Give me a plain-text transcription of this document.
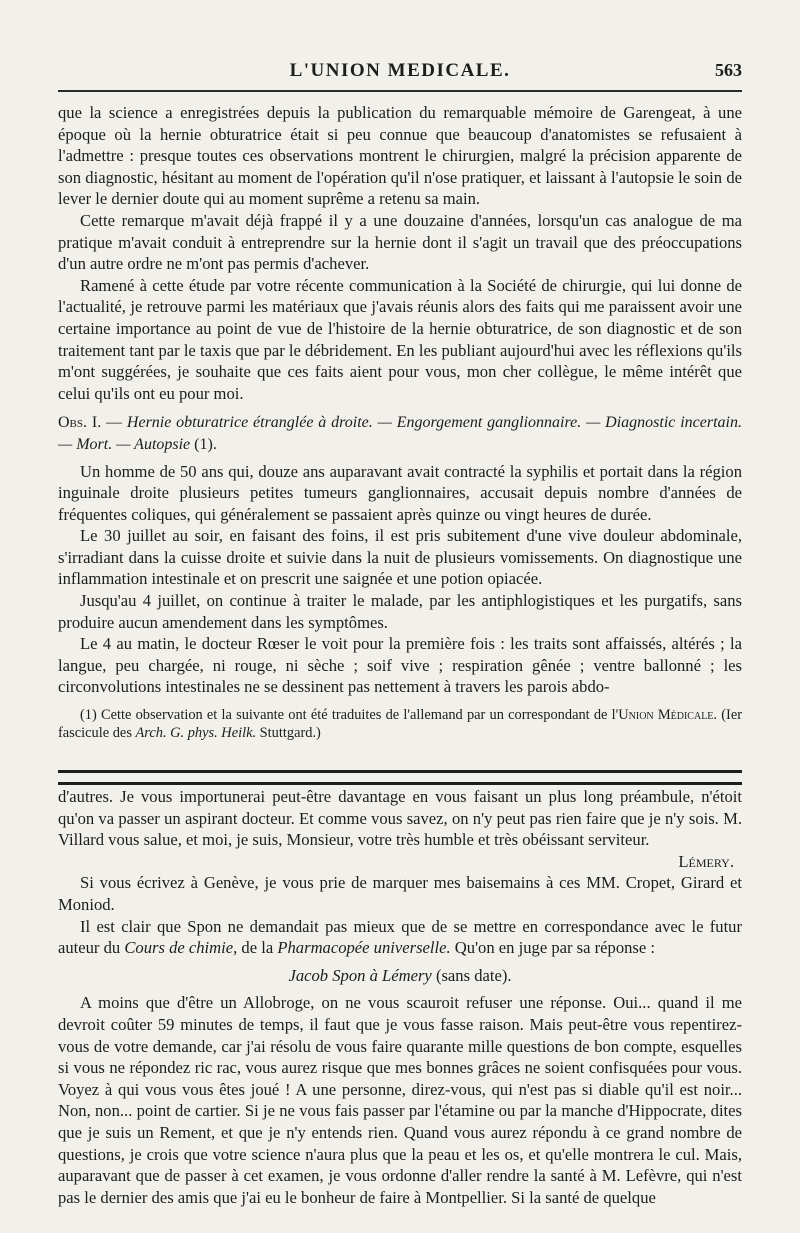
L'UNION MEDICALE.	563

que la science a enregistrées depuis la publication du remarquable mémoire de Garengeat, à une époque où la hernie obturatrice était si peu connue que beaucoup d'anatomistes se refusaient à l'admettre : presque toutes ces observations montrent le chirurgien, malgré la précision apparente de son diagnostic, hésitant au moment de l'opération qu'il n'ose pratiquer, et laissant à l'autopsie le soin de lever le dernier doute qui au moment suprême a retenu sa main.

Cette remarque m'avait déjà frappé il y a une douzaine d'années, lorsqu'un cas analogue de ma pratique m'avait conduit à entreprendre sur la hernie dont il s'agit un travail que des préoccupations d'un autre ordre ne m'ont pas permis d'achever.

Ramené à cette étude par votre récente communication à la Société de chirurgie, qui lui donne de l'actualité, je retrouve parmi les matériaux que j'avais réunis alors des faits qui me paraissent avoir une certaine importance au point de vue de l'histoire de la hernie obturatrice, de son diagnostic et de son traitement tant par le taxis que par le débridement. En les publiant aujourd'hui avec les réflexions qu'ils m'ont suggérées, je souhaite que ces faits aient pour vous, mon cher collègue, le même intérêt que celui qu'ils ont eu pour moi.

Obs. I. — Hernie obturatrice étranglée à droite. — Engorgement ganglionnaire. — Diagnostic incertain. — Mort. — Autopsie (1).

Un homme de 50 ans qui, douze ans auparavant avait contracté la syphilis et portait dans la région inguinale droite plusieurs petites tumeurs ganglionnaires, accusait depuis nombre d'années de fréquentes coliques, qui généralement se passaient après quinze ou vingt heures de durée.

Le 30 juillet au soir, en faisant des foins, il est pris subitement d'une vive douleur abdominale, s'irradiant dans la cuisse droite et suivie dans la nuit de plusieurs vomissements. On diagnostique une inflammation intestinale et on prescrit une saignée et une potion opiacée.

Jusqu'au 4 juillet, on continue à traiter le malade, par les antiphlogistiques et les purgatifs, sans produire aucun amendement dans les symptômes.

Le 4 au matin, le docteur Rœser le voit pour la première fois : les traits sont affaissés, altérés ; la langue, peu chargée, ni rouge, ni sèche ; soif vive ; respiration gênée ; ventre ballonné ; les circonvolutions intestinales ne se dessinent pas nettement à travers les parois abdo-

(1) Cette observation et la suivante ont été traduites de l'allemand par un correspondant de l'Union Médicale. (Ier fascicule des Arch. G. phys. Heilk. Stuttgard.)

d'autres. Je vous importunerai peut-être davantage en vous faisant un plus long préambule, n'étoit qu'on va passer un aspirant docteur. Et comme vous savez, on n'y peut pas rien faire que je n'y sois. M. Villard vous salue, et moi, je suis, Monsieur, votre très humble et très obéissant serviteur.

Lémery.

Si vous écrivez à Genève, je vous prie de marquer mes baisemains à ces MM. Cropet, Girard et Moniod.

Il est clair que Spon ne demandait pas mieux que de se mettre en correspondance avec le futur auteur du Cours de chimie, de la Pharmacopée universelle. Qu'on en juge par sa réponse :

Jacob Spon à Lémery (sans date).

A moins que d'être un Allobroge, on ne vous scauroit refuser une réponse. Oui... quand il me devroit coûter 59 minutes de temps, il faut que je vous fasse raison. Mais peut-être vous repentirez-vous de votre demande, car j'ai résolu de vous faire quarante mille questions de bon compte, esquelles si vous ne répondez ric rac, vous aurez risque que mes bonnes grâces ne soient confisquées pour vous. Voyez à qui vous vous êtes joué ! A une personne, direz-vous, qui n'est pas si diable qu'il est noir... Non, non... point de cartier. Si je ne vous fais passer par l'étamine ou par la manche d'Hippocrate, dites que je suis un Rement, et que je n'y entends rien. Quand vous aurez répondu à ce grand nombre de questions, je crois que votre science n'aura plus que la peau et les os, et qu'elle montrera le cul. Mais, auparavant que de passer à cet examen, je vous ordonne d'aller rendre la santé à M. Lefèvre, qui n'est pas le dernier des amis que j'ai eu le bonheur de faire à Montpellier. Si la santé de quelque
